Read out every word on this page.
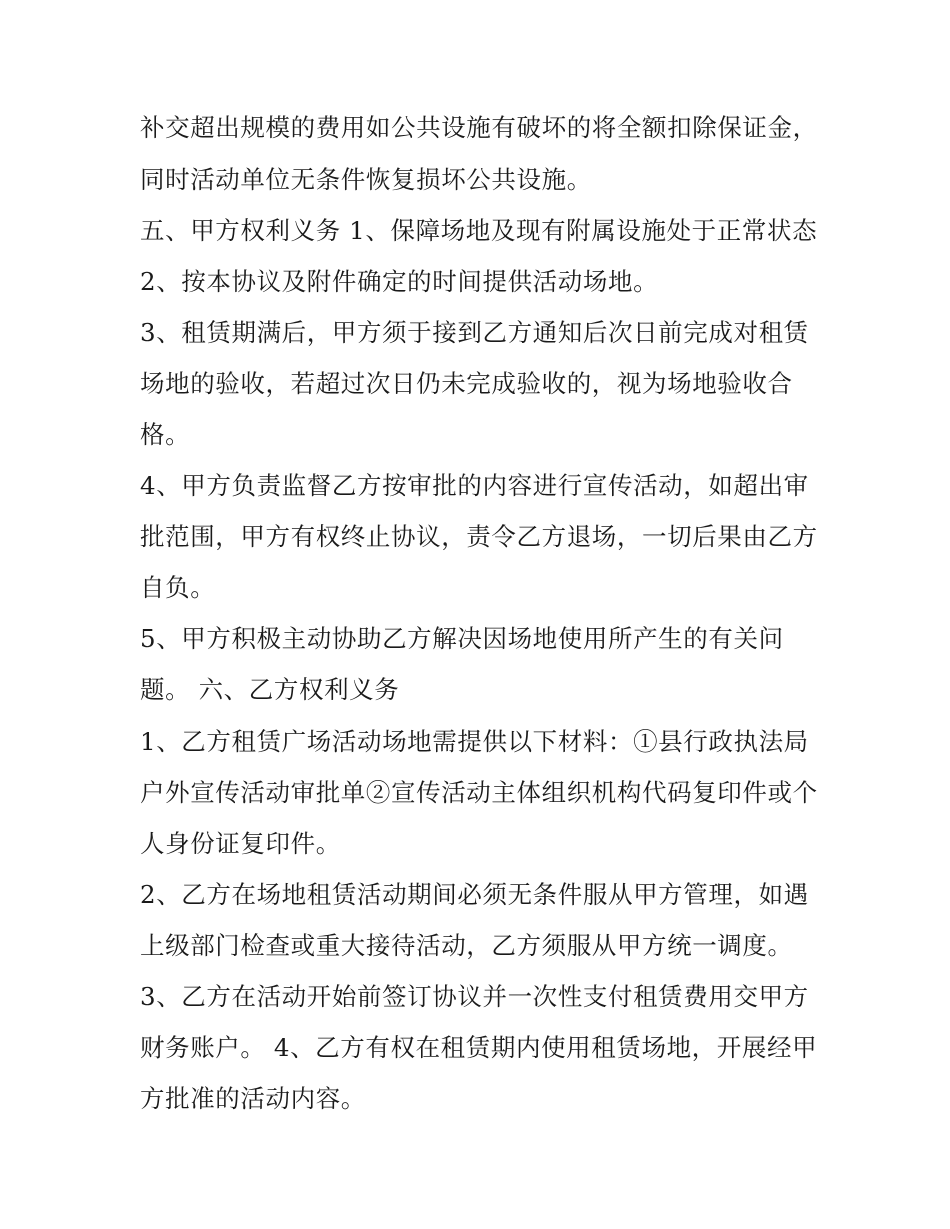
补交超出规模的费用如公共设施有破坏的将全额扣除保证金，
同时活动单位无条件恢复损坏公共设施。
五、甲方权利义务 1、保障场地及现有附属设施处于正常状态
2、按本协议及附件确定的时间提供活动场地。
3、租赁期满后，甲方须于接到乙方通知后次日前完成对租赁
场地的验收，若超过次日仍未完成验收的，视为场地验收合
格。
4、甲方负责监督乙方按审批的内容进行宣传活动，如超出审
批范围，甲方有权终止协议，责令乙方退场，一切后果由乙方
自负。
5、甲方积极主动协助乙方解决因场地使用所产生的有关问
题。 六、乙方权利义务
1、乙方租赁广场活动场地需提供以下材料：①县行政执法局
户外宣传活动审批单②宣传活动主体组织机构代码复印件或个
人身份证复印件。
2、乙方在场地租赁活动期间必须无条件服从甲方管理，如遇
上级部门检查或重大接待活动，乙方须服从甲方统一调度。
3、乙方在活动开始前签订协议并一次性支付租赁费用交甲方
财务账户。 4、乙方有权在租赁期内使用租赁场地，开展经甲
方批准的活动内容。
